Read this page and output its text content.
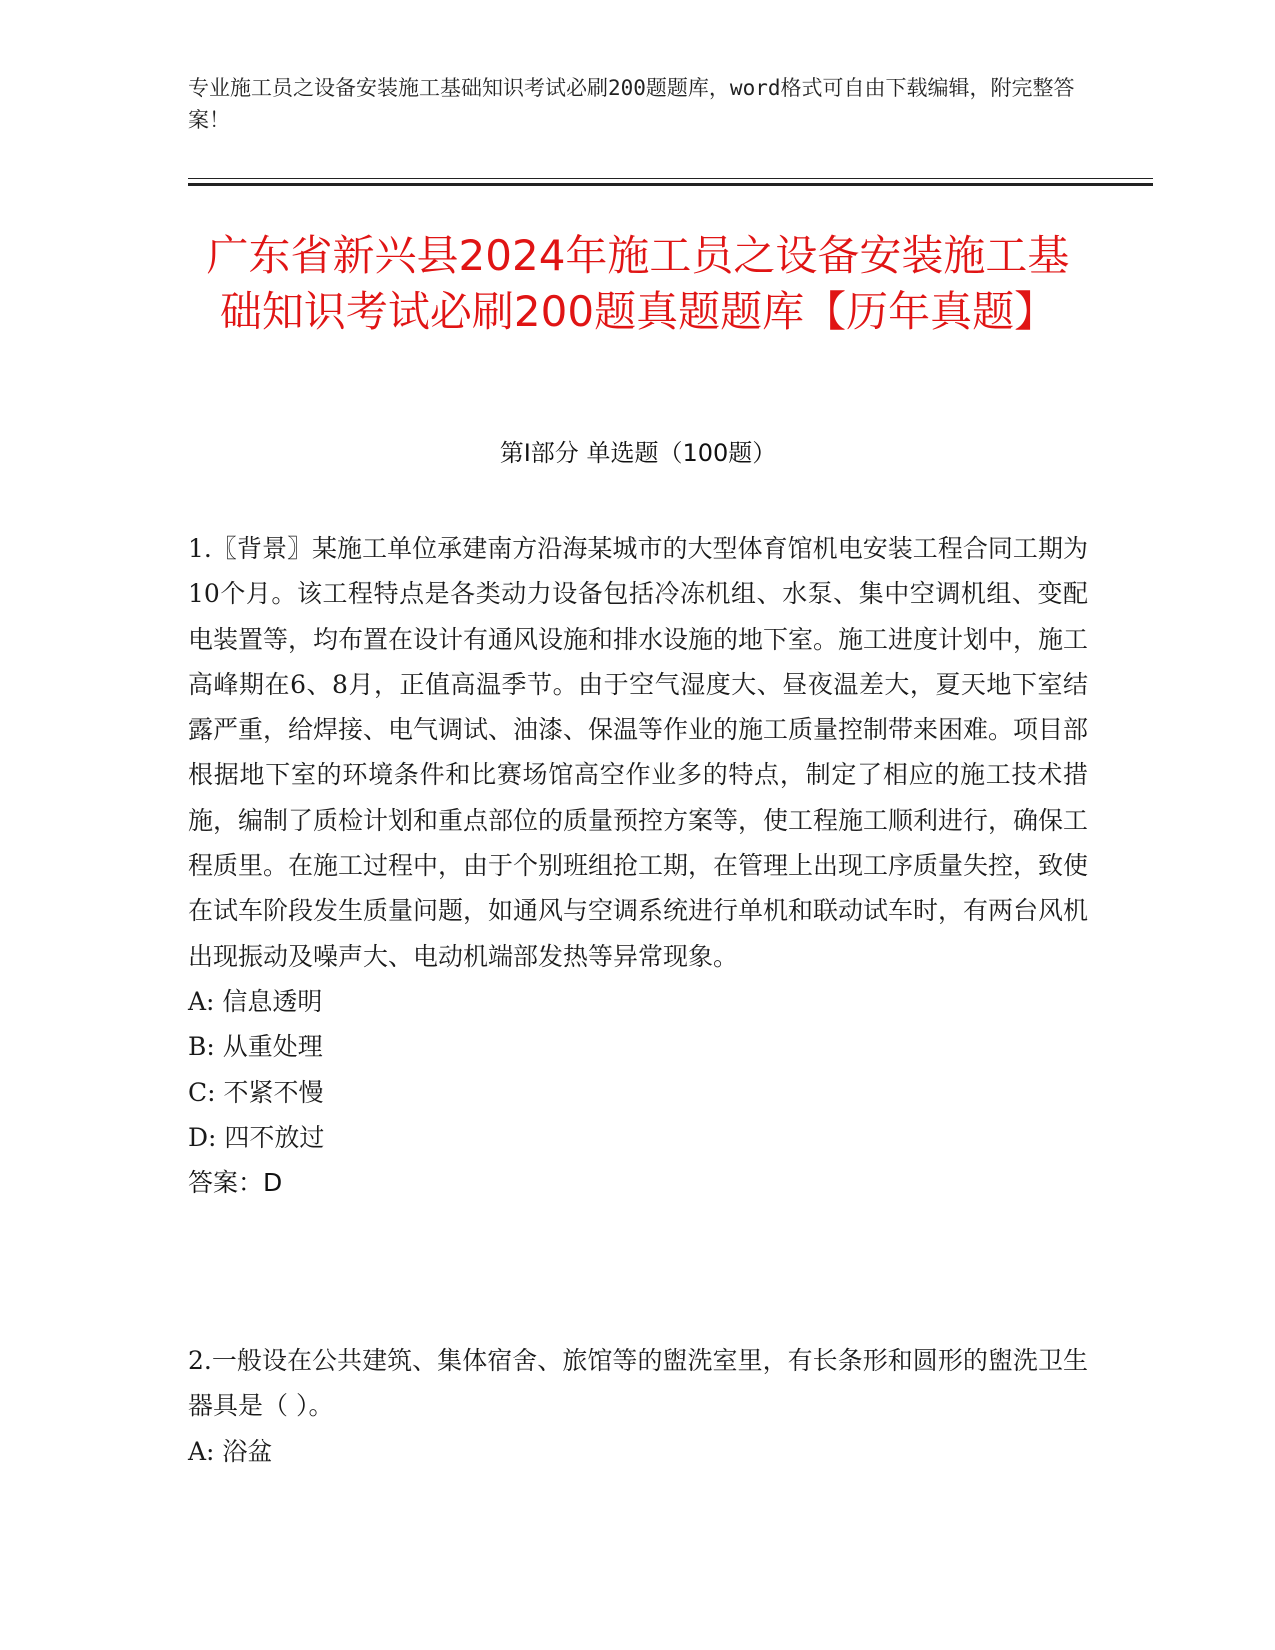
专业施工员之设备安装施工基础知识考试必刷200题题库，word格式可自由下载编辑，附完整答案！
广东省新兴县2024年施工员之设备安装施工基础知识考试必刷200题真题题库【历年真题】
第I部分 单选题（100题）

1.〖背景〗某施工单位承建南方沿海某城市的大型体育馆机电安装工程合同工期为10个月。该工程特点是各类动力设备包括冷冻机组、水泵、集中空调机组、变配电装置等，均布置在设计有通风设施和排水设施的地下室。施工进度计划中，施工高峰期在6、8月，正值高温季节。由于空气湿度大、昼夜温差大，夏天地下室结露严重，给焊接、电气调试、油漆、保温等作业的施工质量控制带来困难。项目部根据地下室的环境条件和比赛场馆高空作业多的特点，制定了相应的施工技术措施，编制了质检计划和重点部位的质量预控方案等，使工程施工顺利进行，确保工程质里。在施工过程中，由于个别班组抢工期，在管理上出现工序质量失控，致使在试车阶段发生质量问题，如通风与空调系统进行单机和联动试车时，有两台风机出现振动及噪声大、电动机端部发热等异常现象。

A: 信息透明

B: 从重处理

C: 不紧不慢

D: 四不放过

答案：D

2.一般设在公共建筑、集体宿舍、旅馆等的盥洗室里，有长条形和圆形的盥洗卫生器具是（ ）。

A: 浴盆
